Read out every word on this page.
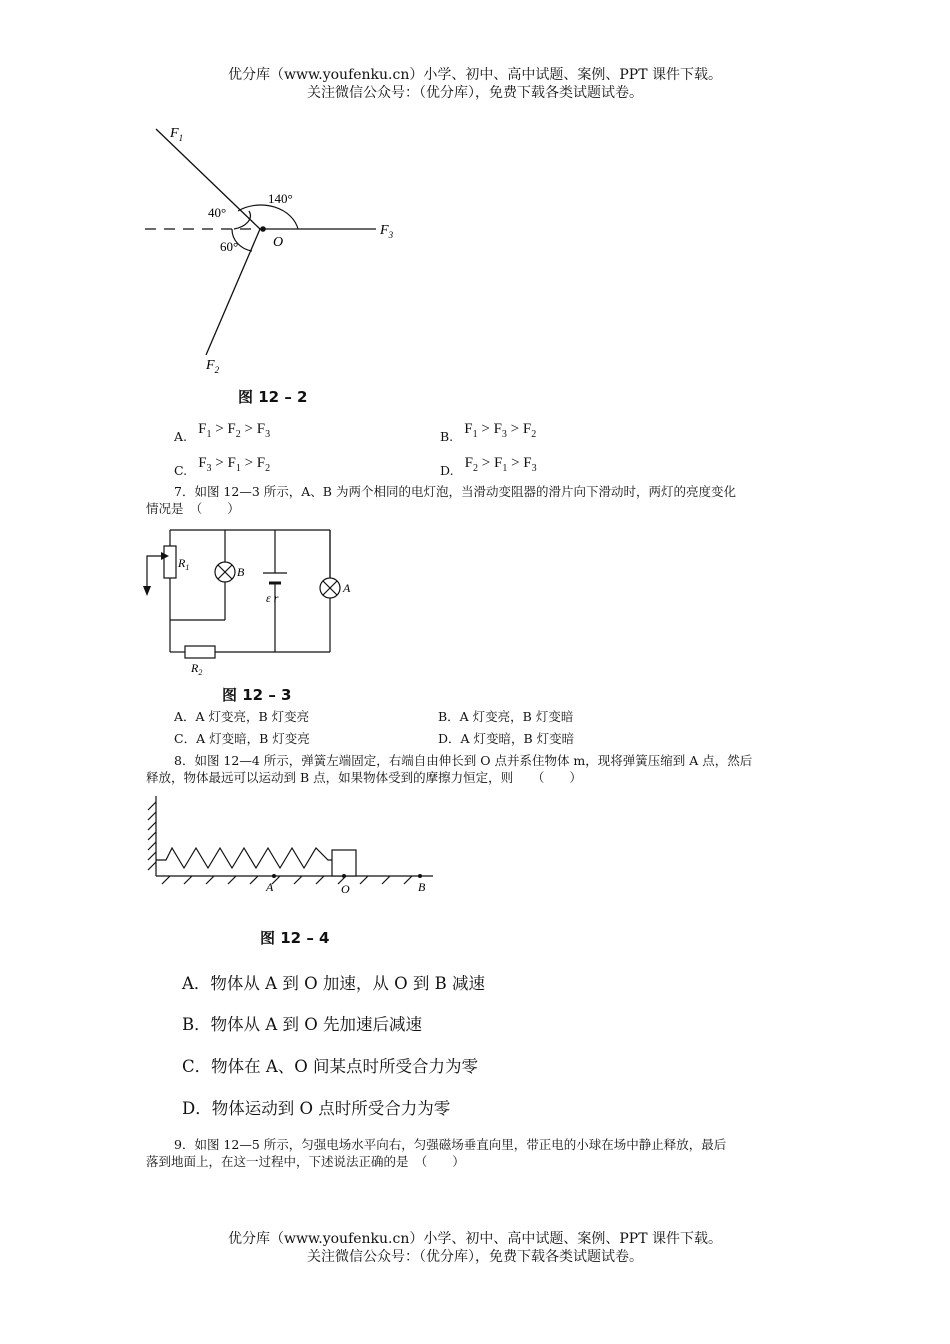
优分库（www.youfenku.cn）小学、初中、高中试题、案例、PPT 课件下载。
关注微信公众号：（优分库），免费下载各类试题试卷。
$F_1$
$F_2$
$F_3$
O
140°
40°
60°
图 12 – 2
$_{A.}$ $F_1 > F_2 > F_3$	$_{B.}$ $F_1 > F_3 > F_2$
$_{C.}$ $F_3 > F_1 > F_2$	$_{D.}$ $F_2 > F_1 > F_3$
7．如图 12—3 所示，A、B 为两个相同的电灯泡，当滑动变阻器的滑片向下滑动时，两灯的亮度变化
情况是　（　　）
$R_1$
$R_2$
B
A
ε r
图 12 – 3
A．A 灯变亮，B 灯变亮	B．A 灯变亮，B 灯变暗
C．A 灯变暗，B 灯变亮	D．A 灯变暗，B 灯变暗
8．如图 12—4 所示，弹簧左端固定，右端自由伸长到 O 点并系住物体 m，现将弹簧压缩到 A 点，然后
释放，物体最远可以运动到 B 点，如果物体受到的摩擦力恒定，则　　（　　）
A	O	B
图 12 – 4
A．物体从 A 到 O 加速，从 O 到 B 减速
B．物体从 A 到 O 先加速后减速
C．物体在 A、O 间某点时所受合力为零
D．物体运动到 O 点时所受合力为零
9．如图 12—5 所示，匀强电场水平向右，匀强磁场垂直向里，带正电的小球在场中静止释放，最后
落到地面上，在这一过程中，下述说法正确的是　（　　）
优分库（www.youfenku.cn）小学、初中、高中试题、案例、PPT 课件下载。
关注微信公众号：（优分库），免费下载各类试题试卷。
